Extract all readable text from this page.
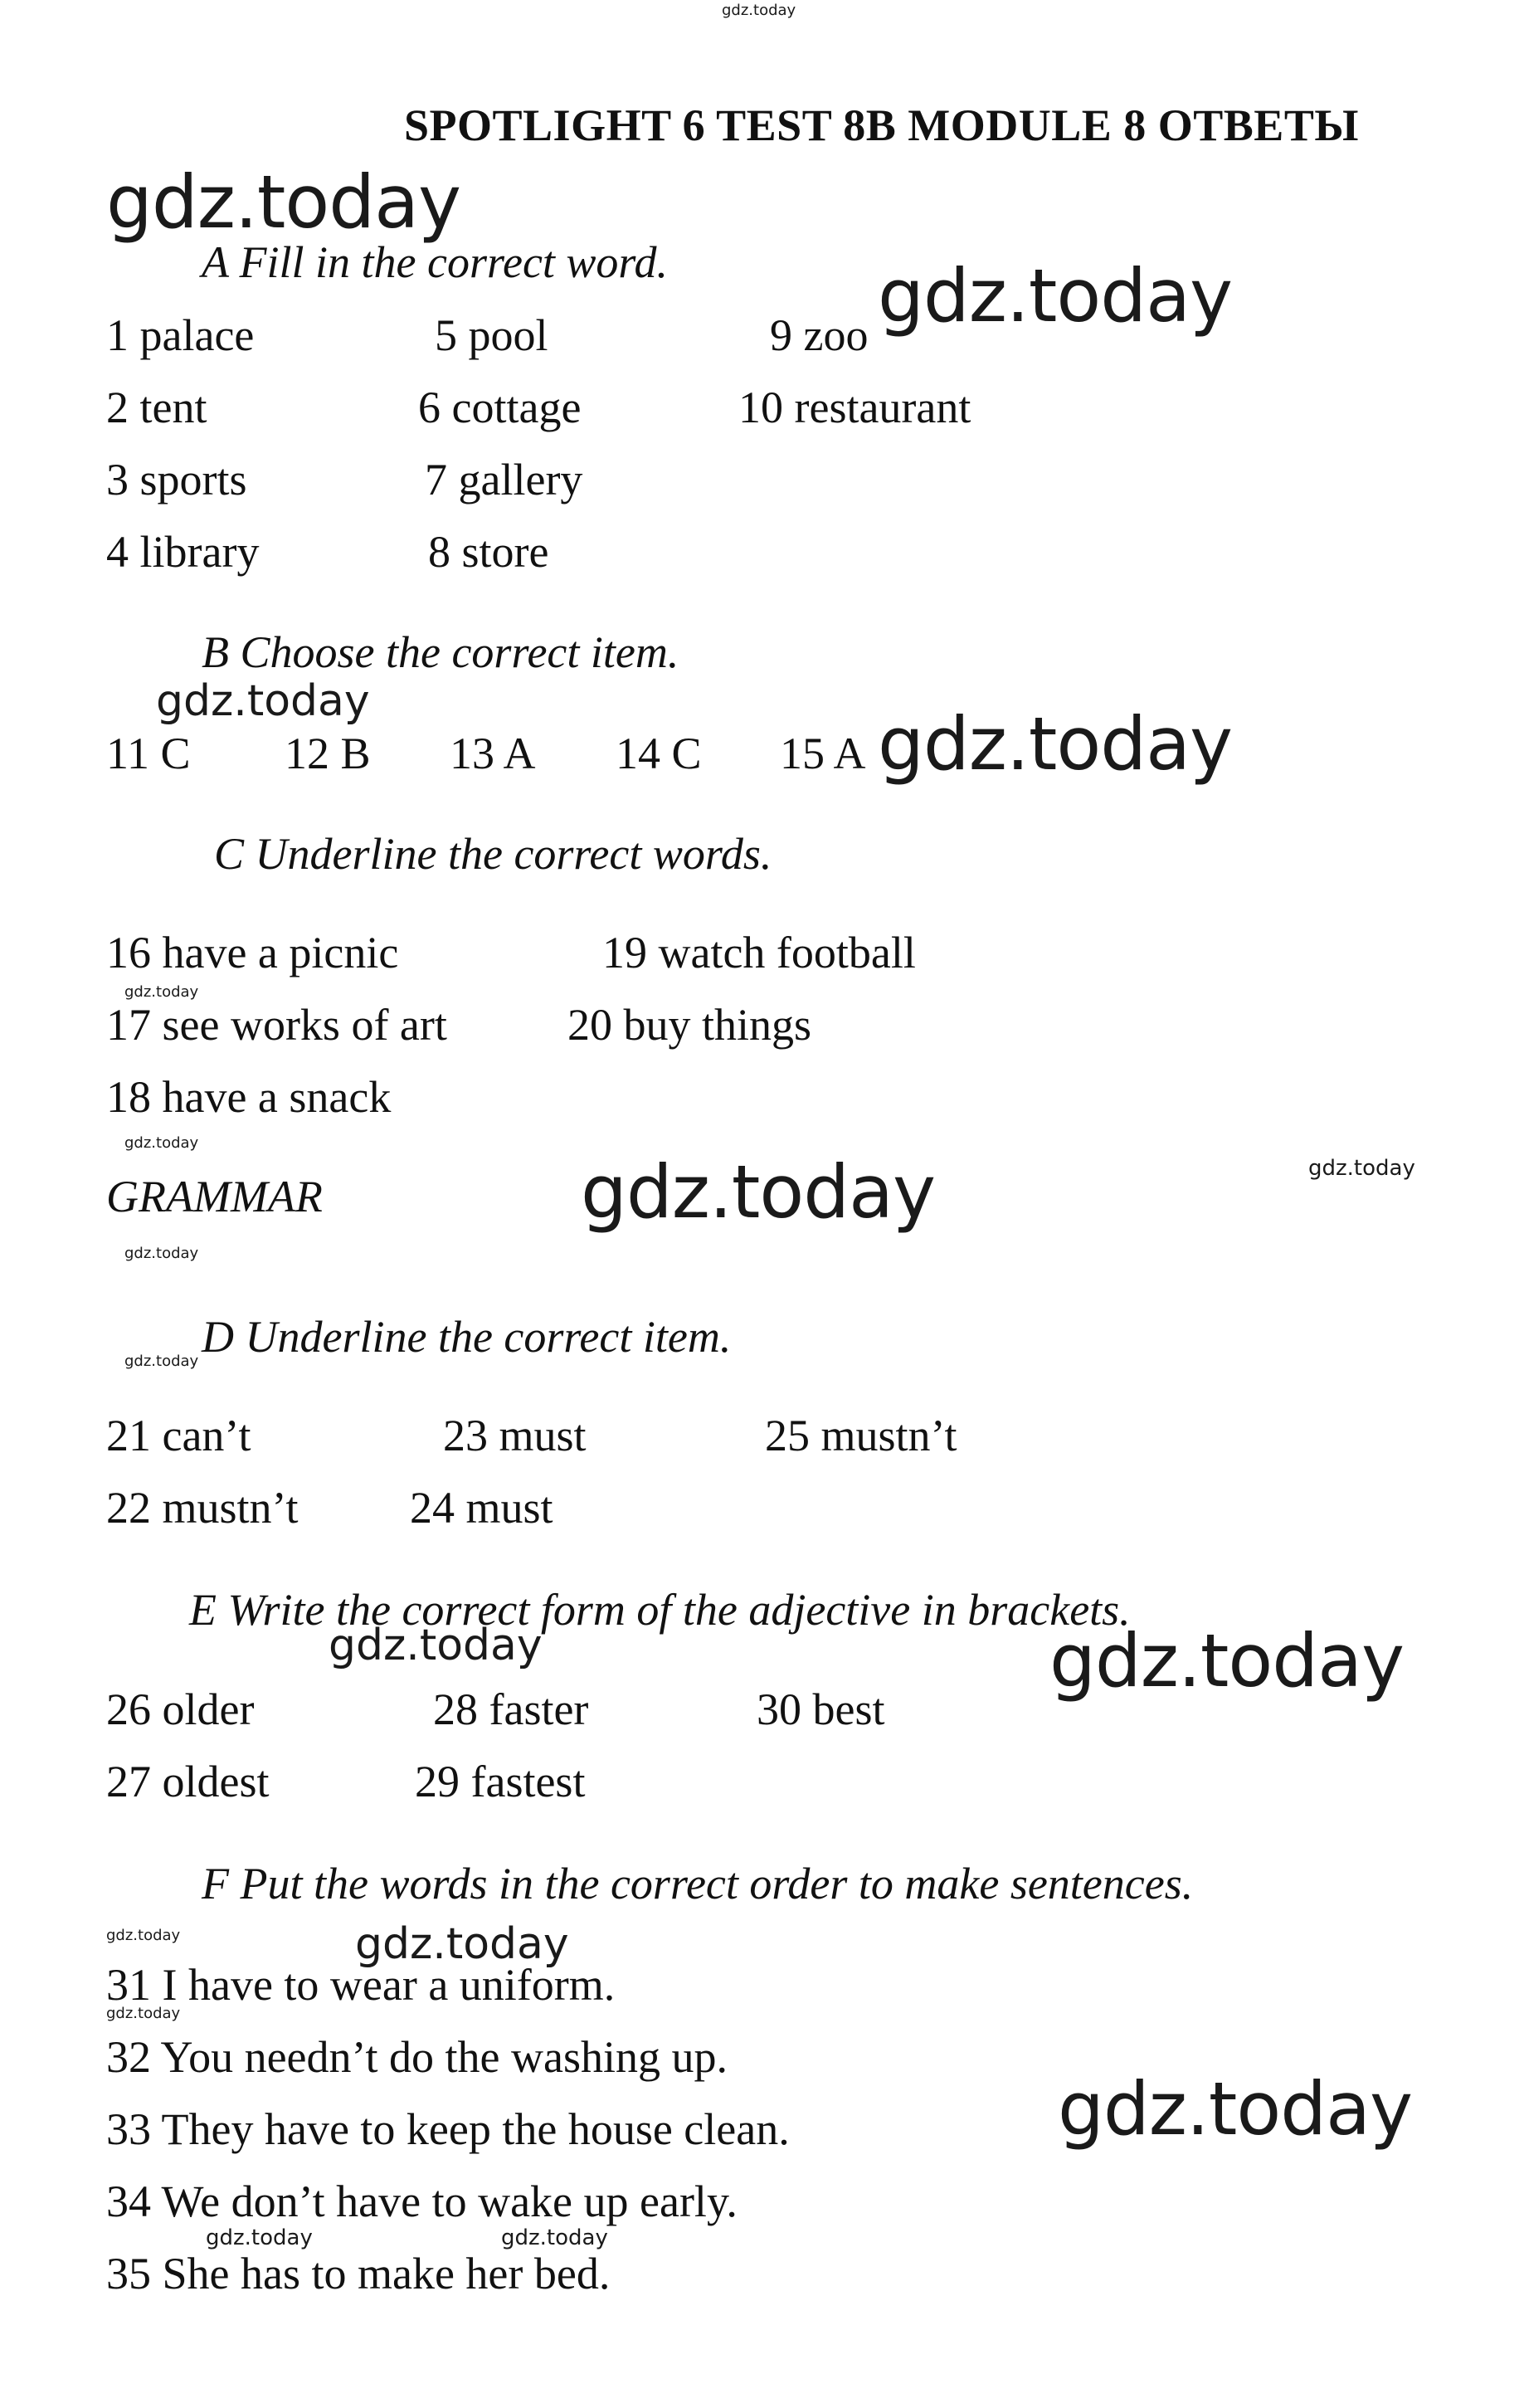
gdz.today
SPOTLIGHT 6 TEST 8B MODULE 8 ОТВЕТЫ
gdz.today
A Fill in the correct word.	gdz.today
1 palace	5 pool	9 zoo
2 tent	6 cottage	10 restaurant
3 sports	7 gallery
4 library	8 store
B Choose the correct item.
gdz.today
11 C 12 B 13 A 14 C 15 A gdz.today
C Underline the correct words.
16 have a picnic	19 watch football
gdz.today
17 see works of art	20 buy things
18 have a snack
gdz.today
GRAMMAR	gdz.today	gdz.today
gdz.today
D Underline the correct item.
gdz.today
21 can’t	23 must	25 mustn’t
22 mustn’t 24 must
E Write the correct form of the adjective in brackets.
gdz.today	gdz.today
26 older	28 faster	30 best
27 oldest	29 fastest
F Put the words in the correct order to make sentences.
gdz.today	gdz.today
31 I have to wear a uniform.
gdz.today
32 You needn’t do the washing up.
gdz.today
33 They have to keep the house clean.
34 We don’t have to wake up early.
gdz.today	gdz.today
35 She has to make her bed.
